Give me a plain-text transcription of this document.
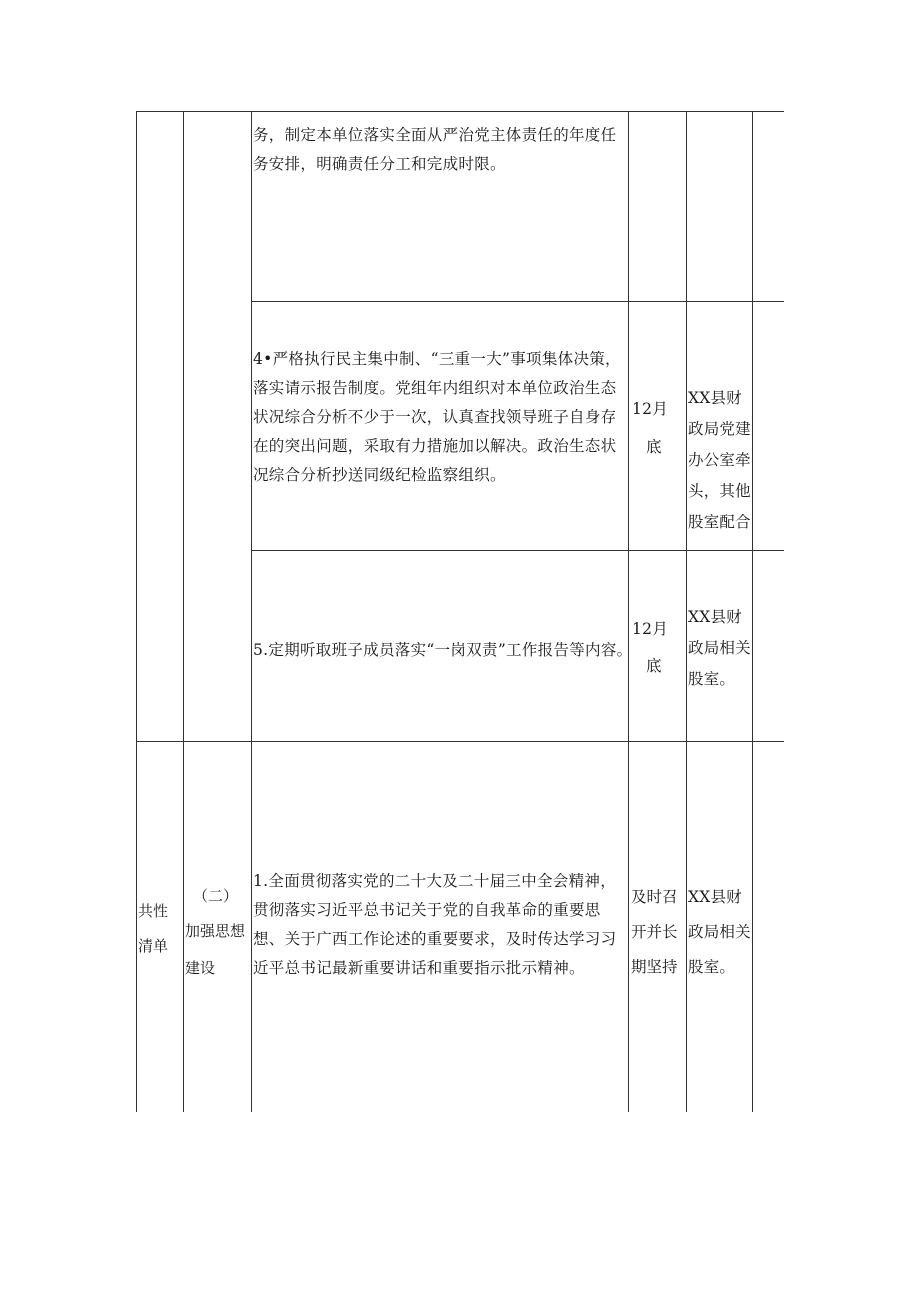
务，制定本单位落实全面从严治党主体责任的年度任务安排，明确责任分工和完成时限。
4•严格执行民主集中制、“三重一大”事项集体决策，落实请示报告制度。党组年内组织对本单位政治生态状况综合分析不少于一次，认真查找领导班子自身存在的突出问题，采取有力措施加以解决。政治生态状况综合分析抄送同级纪检监察组织。
12月
底
XX县财政局党建办公室牵头，其他股室配合
5.定期听取班子成员落实“一岗双责”工作报告等内容。
12月
底
XX县财政局相关股室。
共性
清单
（二）
加强思想
建设
1.全面贯彻落实党的二十大及二十届三中全会精神，贯彻落实习近平总书记关于党的自我革命的重要思想、关于广西工作论述的重要要求，及时传达学习习近平总书记最新重要讲话和重要指示批示精神。
及时召开并长期坚持
XX县财政局相关股室。
